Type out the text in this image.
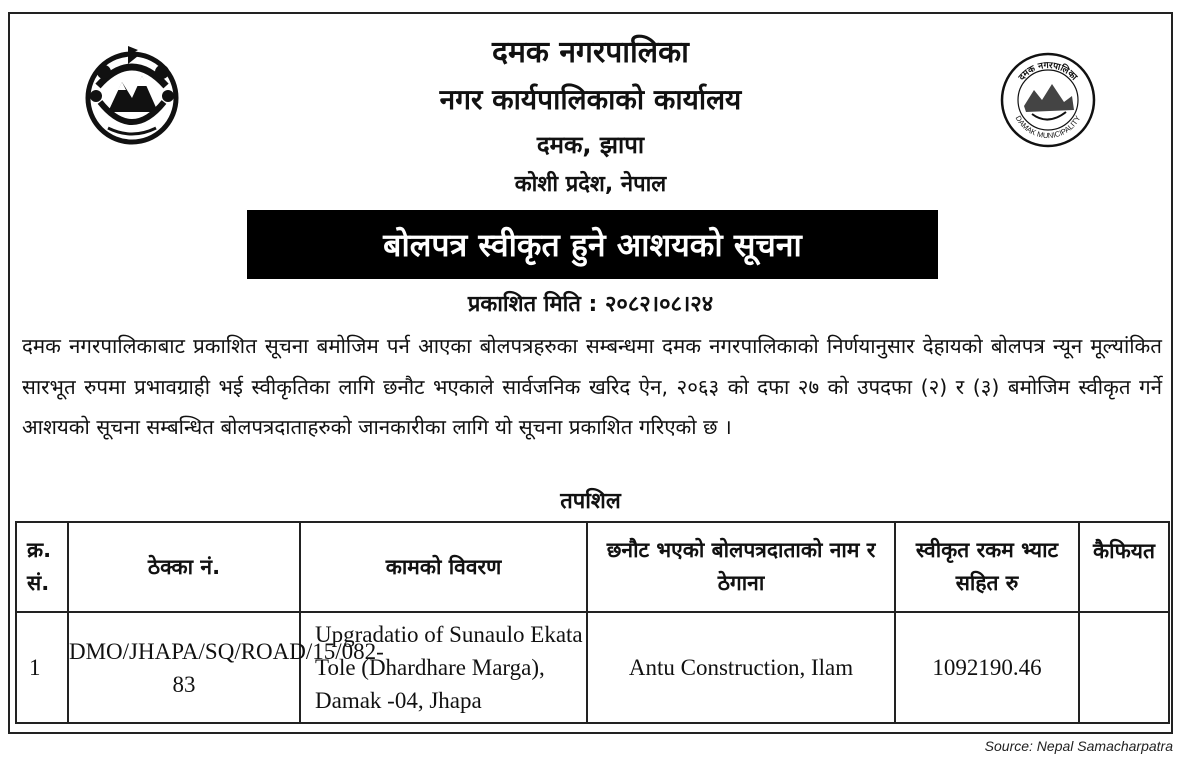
दमक नगरपालिका
DAMAK MUNICIPALITY
दमक नगरपालिका
नगर कार्यपालिकाको कार्यालय
दमक, झापा
कोशी प्रदेश, नेपाल
बोलपत्र स्वीकृत हुने आशयको सूचना
प्रकाशित मिति : २०८२।०८।२४
दमक नगरपालिकाबाट प्रकाशित सूचना बमोजिम पर्न आएका बोलपत्रहरुका सम्बन्धमा दमक नगरपालिकाको निर्णयानुसार देहायको बोलपत्र न्यून मूल्यांकित सारभूत रुपमा प्रभावग्राही भई स्वीकृतिका लागि छनौट भएकाले सार्वजनिक खरिद ऐन, २०६३ को दफा २७ को उपदफा (२) र (३) बमोजिम स्वीकृत गर्ने आशयको सूचना सम्बन्धित बोलपत्रदाताहरुको जानकारीका लागि यो सूचना प्रकाशित गरिएको छ ।
तपशिल
क्र. सं.	ठेक्का नं.	कामको विवरण	छनौट भएको बोलपत्रदाताको नाम र ठेगाना	स्वीकृत रकम भ्याट सहित रु	कैफियत
1	DMO/JHAPA/SQ/ROAD/15/082-83	Upgradatio of Sunaulo Ekata Tole (Dhardhare Marga), Damak -04, Jhapa	Antu Construction, Ilam	1092190.46	
Source: Nepal Samacharpatra
